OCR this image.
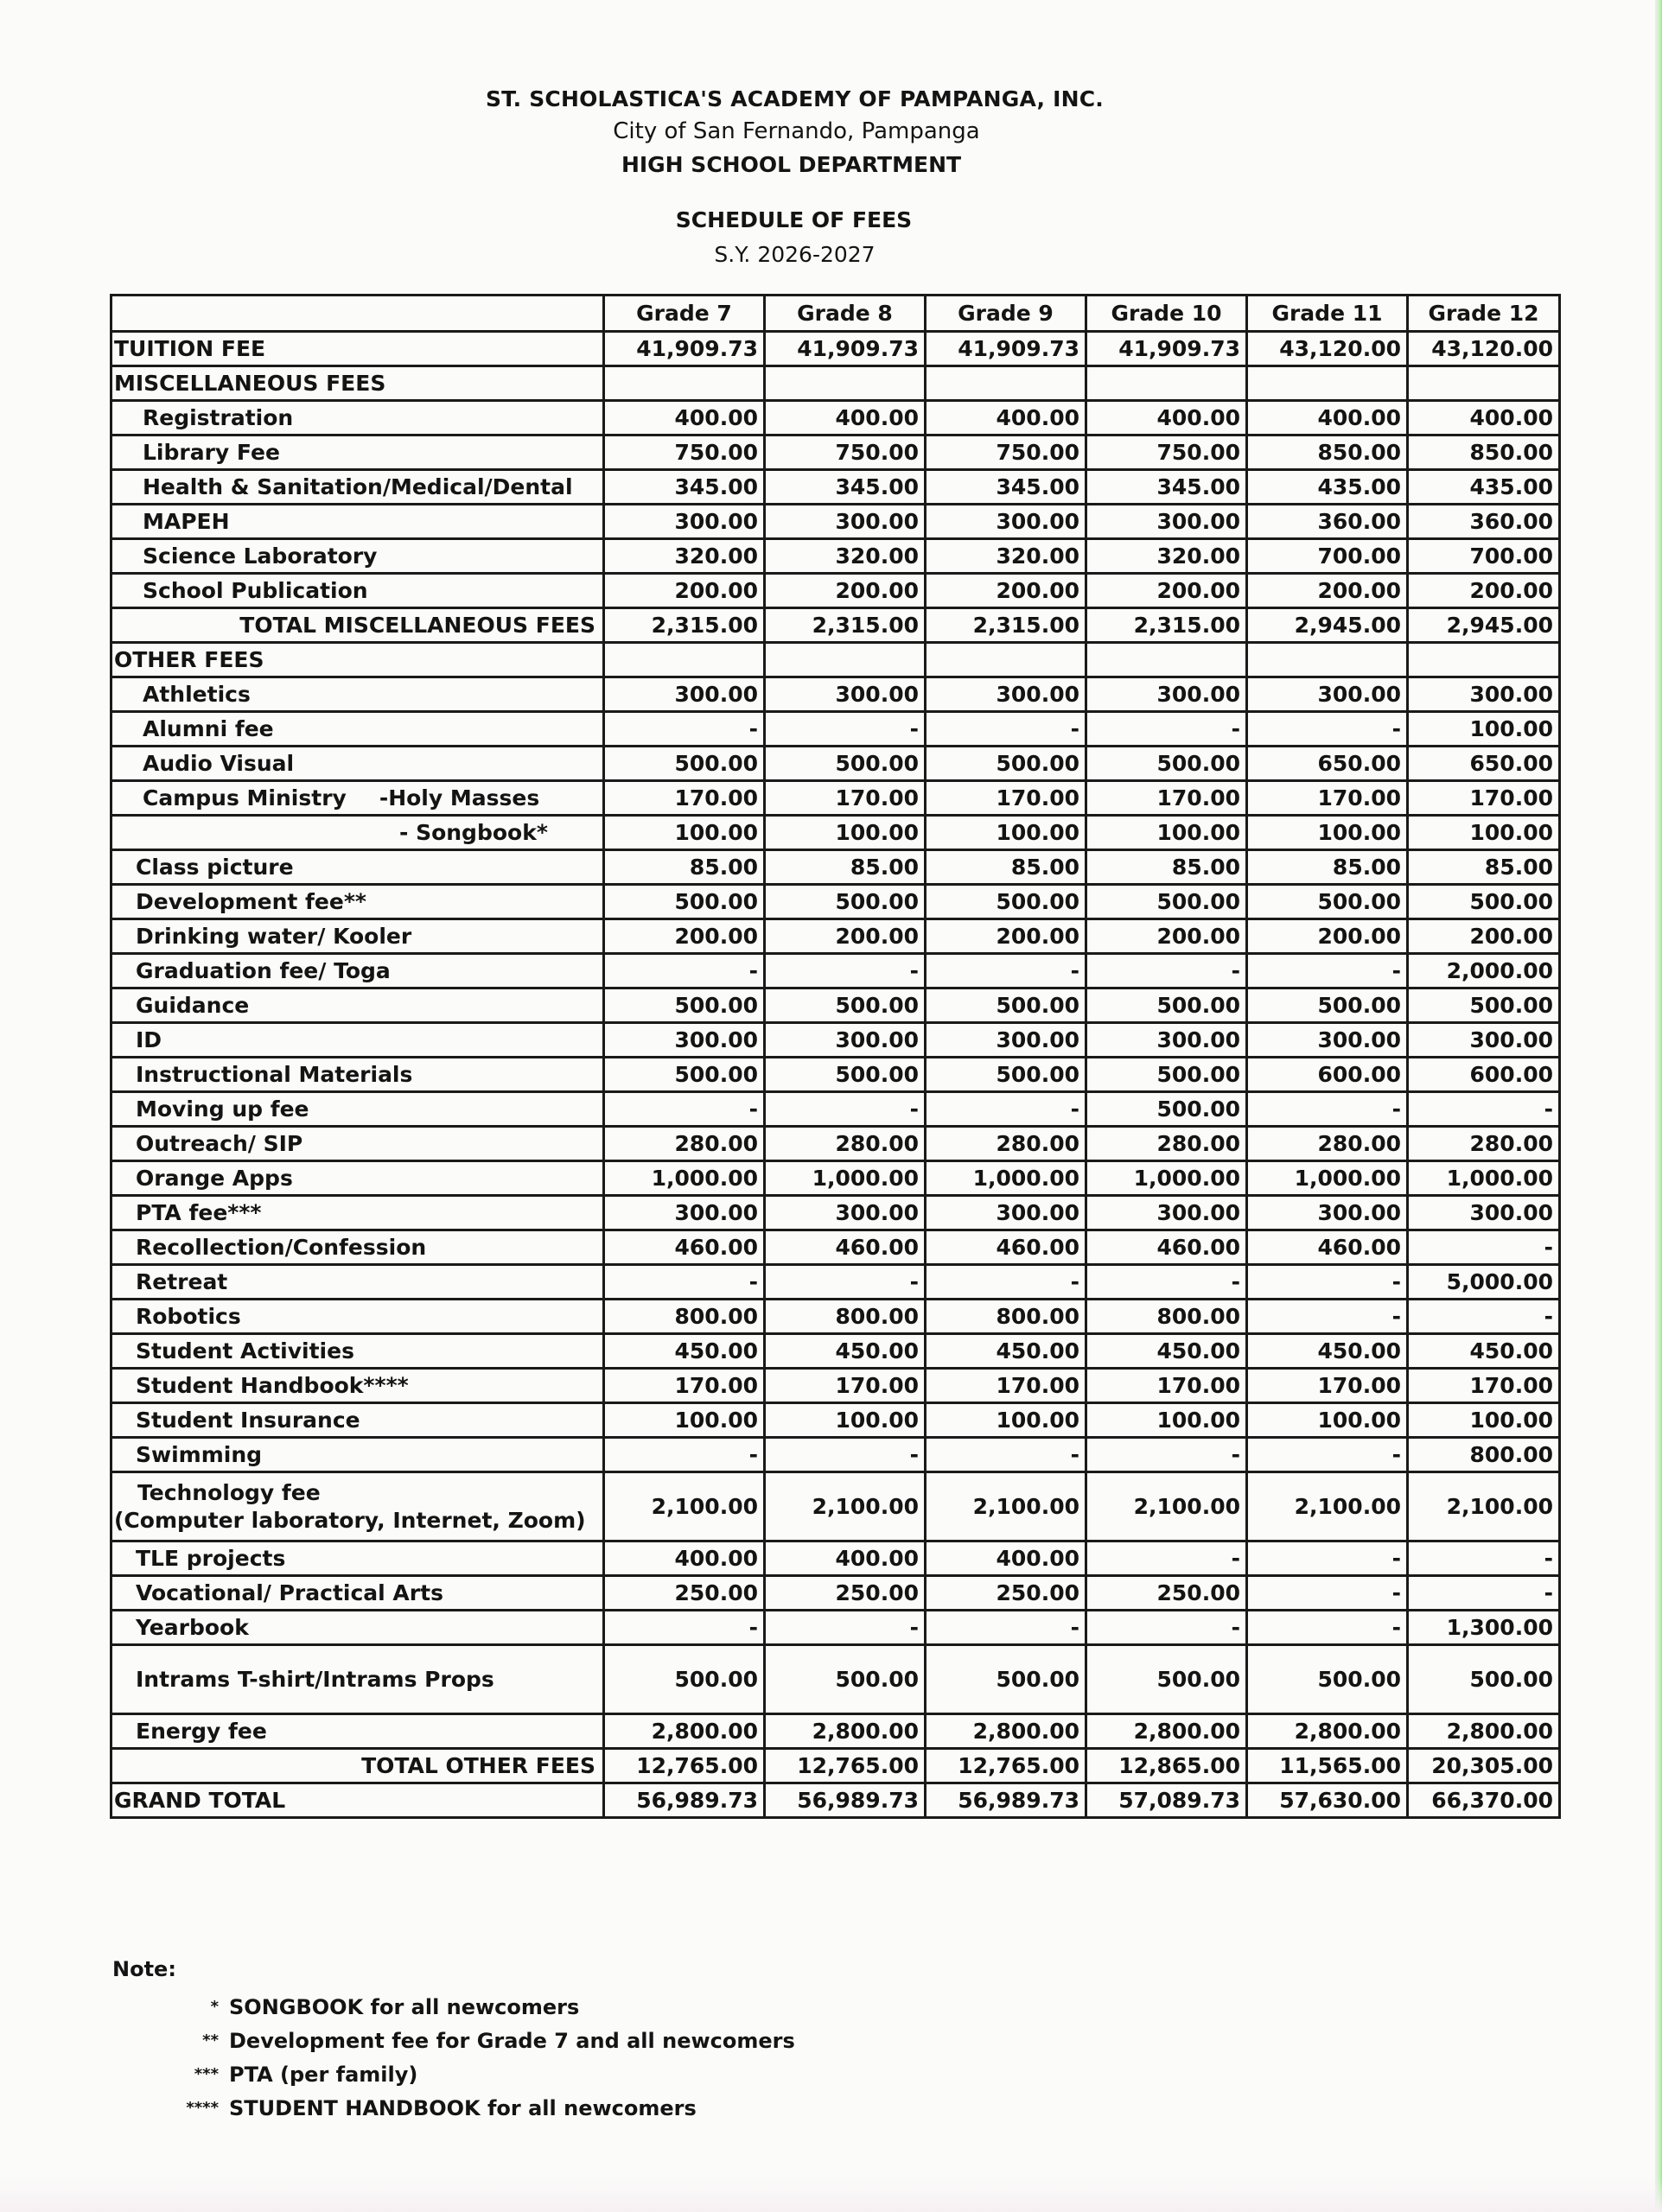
ST. SCHOLASTICA'S ACADEMY OF PAMPANGA, INC.
City of San Fernando, Pampanga
HIGH SCHOOL DEPARTMENT
SCHEDULE OF FEES
S.Y. 2026-2027
	Grade 7	Grade 8	Grade 9	Grade 10	Grade 11	Grade 12
TUITION FEE	41,909.73	41,909.73	41,909.73	41,909.73	43,120.00	43,120.00
MISCELLANEOUS FEES						
Registration	400.00	400.00	400.00	400.00	400.00	400.00
Library Fee	750.00	750.00	750.00	750.00	850.00	850.00
Health & Sanitation/Medical/Dental	345.00	345.00	345.00	345.00	435.00	435.00
MAPEH	300.00	300.00	300.00	300.00	360.00	360.00
Science Laboratory	320.00	320.00	320.00	320.00	700.00	700.00
School Publication	200.00	200.00	200.00	200.00	200.00	200.00
TOTAL MISCELLANEOUS FEES	2,315.00	2,315.00	2,315.00	2,315.00	2,945.00	2,945.00
OTHER FEES						
Athletics	300.00	300.00	300.00	300.00	300.00	300.00
Alumni fee	-	-	-	-	-	100.00
Audio Visual	500.00	500.00	500.00	500.00	650.00	650.00
Campus Ministry -Holy Masses	170.00	170.00	170.00	170.00	170.00	170.00
- Songbook*	100.00	100.00	100.00	100.00	100.00	100.00
Class picture	85.00	85.00	85.00	85.00	85.00	85.00
Development fee**	500.00	500.00	500.00	500.00	500.00	500.00
Drinking water/ Kooler	200.00	200.00	200.00	200.00	200.00	200.00
Graduation fee/ Toga	-	-	-	-	-	2,000.00
Guidance	500.00	500.00	500.00	500.00	500.00	500.00
ID	300.00	300.00	300.00	300.00	300.00	300.00
Instructional Materials	500.00	500.00	500.00	500.00	600.00	600.00
Moving up fee	-	-	-	500.00	-	-
Outreach/ SIP	280.00	280.00	280.00	280.00	280.00	280.00
Orange Apps	1,000.00	1,000.00	1,000.00	1,000.00	1,000.00	1,000.00
PTA fee***	300.00	300.00	300.00	300.00	300.00	300.00
Recollection/Confession	460.00	460.00	460.00	460.00	460.00	-
Retreat	-	-	-	-	-	5,000.00
Robotics	800.00	800.00	800.00	800.00	-	-
Student Activities	450.00	450.00	450.00	450.00	450.00	450.00
Student Handbook****	170.00	170.00	170.00	170.00	170.00	170.00
Student Insurance	100.00	100.00	100.00	100.00	100.00	100.00
Swimming	-	-	-	-	-	800.00

Technology fee
(Computer laboratory, Internet, Zoom)	2,100.00	2,100.00	2,100.00	2,100.00	2,100.00	2,100.00
TLE projects	400.00	400.00	400.00	-	-	-
Vocational/ Practical Arts	250.00	250.00	250.00	250.00	-	-
Yearbook	-	-	-	-	-	1,300.00
Intrams T-shirt/Intrams Props	500.00	500.00	500.00	500.00	500.00	500.00
Energy fee	2,800.00	2,800.00	2,800.00	2,800.00	2,800.00	2,800.00
TOTAL OTHER FEES	12,765.00	12,765.00	12,765.00	12,865.00	11,565.00	20,305.00
GRAND TOTAL	56,989.73	56,989.73	56,989.73	57,089.73	57,630.00	66,370.00
Note:
* SONGBOOK for all newcomers
** Development fee for Grade 7 and all newcomers
*** PTA (per family)
**** STUDENT HANDBOOK for all newcomers
